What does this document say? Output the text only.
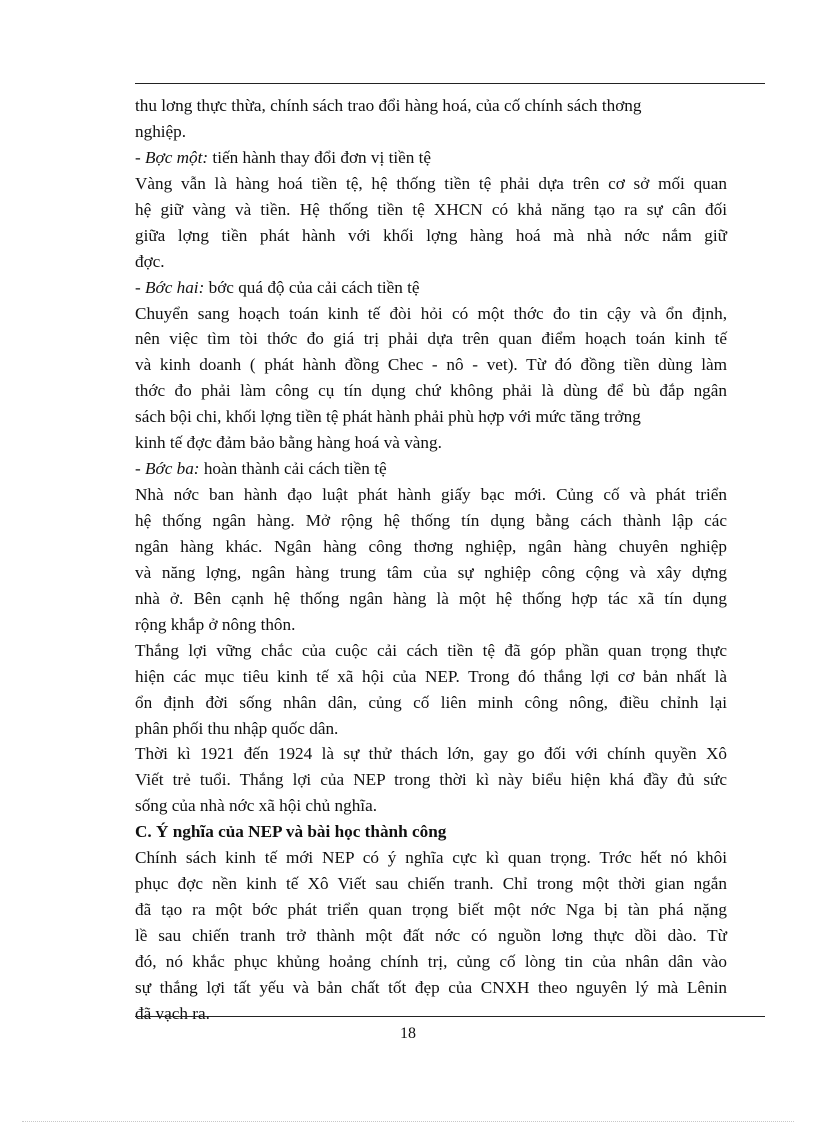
thu lơng thực thừa, chính sách trao đổi hàng hoá, của cố chính sách thơng
nghiệp.
- Bợc một: tiến hành thay đổi đơn vị tiền tệ
Vàng vẫn là hàng hoá tiền tệ, hệ thống tiền tệ phải dựa trên cơ sở mối quan
hệ giữ vàng và tiền. Hệ thống tiền tệ XHCN có khả năng tạo ra sự cân đối
giữa lợng tiền phát hành với khối lợng hàng hoá mà nhà nớc nắm giữ
đợc.
- Bớc hai: bớc quá độ của cải cách tiền tệ
Chuyển sang hoạch toán kinh tế đòi hỏi có một thớc đo tin cậy và ổn định,
nên việc tìm tòi thớc đo giá trị phải dựa trên quan điểm hoạch toán kinh tế
và kinh doanh ( phát hành đồng Chec - nô - vet). Từ đó đồng tiền dùng làm
thớc đo phải làm công cụ tín dụng chứ không phải là dùng để bù đắp ngân
sách bội chi, khối lợng tiền tệ phát hành phải phù hợp với mức tăng trởng
kinh tế đợc đảm bảo bằng hàng hoá và vàng.
- Bớc ba: hoàn thành cải cách tiền tệ
Nhà nớc ban hành đạo luật phát hành giấy bạc mới. Củng cố và phát triển
hệ thống ngân hàng. Mở rộng hệ thống tín dụng bằng cách thành lập các
ngân hàng khác. Ngân hàng công thơng nghiệp, ngân hàng chuyên nghiệp
và năng lợng, ngân hàng trung tâm của sự nghiệp công cộng và xây dựng
nhà ở. Bên cạnh hệ thống ngân hàng là một hệ thống hợp tác xã tín dụng
rộng khắp ở nông thôn.
Thắng lợi vững chắc của cuộc cải cách tiền tệ đã góp phần quan trọng thực
hiện các mục tiêu kinh tế xã hội của NEP. Trong đó thắng lợi cơ bản nhất là
ổn định đời sống nhân dân, củng cố liên minh công nông, điều chỉnh lại
phân phối thu nhập quốc dân.
Thời kì 1921 đến 1924 là sự thử thách lớn, gay go đối với chính quyền Xô
Viết trẻ tuổi. Thắng lợi của NEP trong thời kì này biểu hiện khá đầy đủ sức
sống của nhà nớc xã hội chủ nghĩa.
C. Ý nghĩa của NEP và bài học thành công
Chính sách kinh tế mới NEP có ý nghĩa cực kì quan trọng. Trớc hết nó khôi
phục đợc nền kinh tế Xô Viết sau chiến tranh. Chỉ trong một thời gian ngắn
đã tạo ra một bớc phát triển quan trọng biết một nớc Nga bị tàn phá nặng
lề sau chiến tranh trở thành một đất nớc có nguồn lơng thực dồi dào. Từ
đó, nó khắc phục khủng hoảng chính trị, củng cố lòng tin của nhân dân vào
sự thắng lợi tất yếu và bản chất tốt đẹp của CNXH theo nguyên lý mà Lênin
đã vạch ra.
18
